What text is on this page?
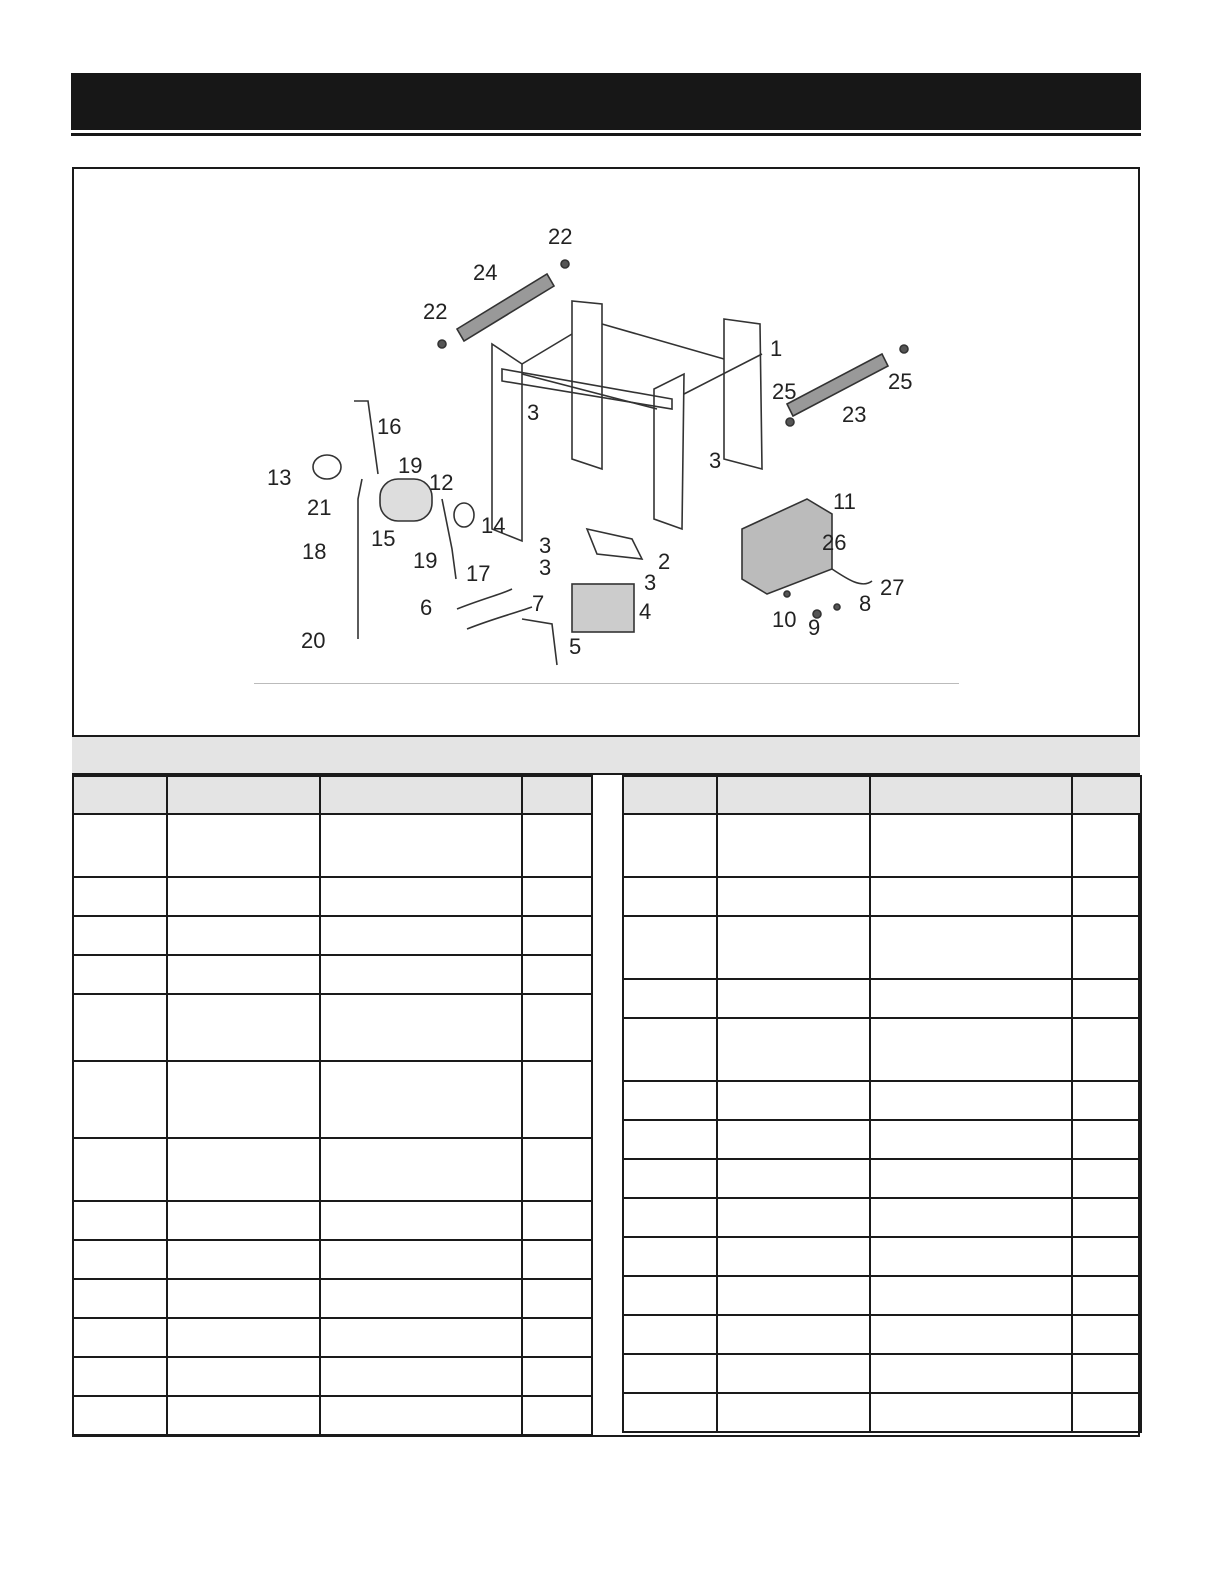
1
2
3
3
3
3
3
4
5
6	7	8
9
10
11
12
13
14
15
16
17
18
19
19
20
21
22
22
23
24
25	25
26
27
